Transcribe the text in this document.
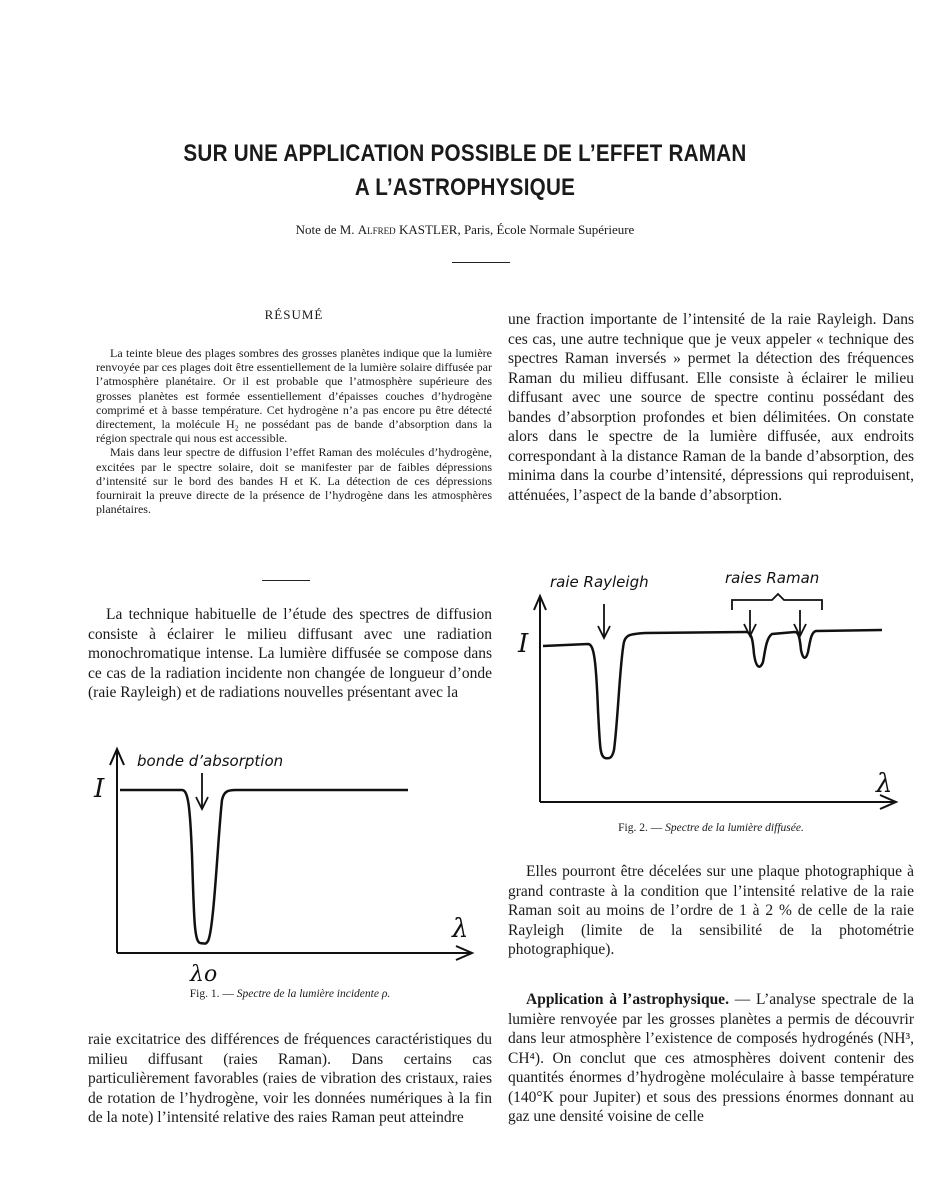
SUR UNE APPLICATION POSSIBLE DE L’EFFET RAMAN
A L’ASTROPHYSIQUE
Note de M. Alfred KASTLER, Paris, École Normale Supérieure
RÉSUMÉ

La teinte bleue des plages sombres des grosses planètes indique que la lumière renvoyée par ces plages doit être essentiellement de la lumière solaire diffusée par l’atmosphère planétaire. Or il est probable que l’atmosphère supérieure des grosses planètes est formée essentiellement d’épaisses couches d’hydrogène comprimé et à basse température. Cet hydrogène n’a pas encore pu être détecté directement, la molécule H₂ ne possédant pas de bande d’absorption dans la région spectrale qui nous est accessible.

Mais dans leur spectre de diffusion l’effet Raman des molécules d’hydrogène, excitées par le spectre solaire, doit se manifester par de faibles dépressions d’intensité sur le bord des bandes H et K. La détection de ces dépressions fournirait la preuve directe de la présence de l’hydrogène dans les atmosphères planétaires.

La technique habituelle de l’étude des spectres de diffusion consiste à éclairer le milieu diffusant avec une radiation monochromatique intense. La lumière diffusée se compose dans ce cas de la radiation incidente non changée de longueur d’onde (raie Rayleigh) et de radiations nouvelles présentant avec la

bonde d’absorption
I
λ
λo
Fig. 1. — Spectre de la lumière incidente ρ.

raie excitatrice des différences de fréquences caractéristiques du milieu diffusant (raies Raman). Dans certains cas particulièrement favorables (raies de vibration des cristaux, raies de rotation de l’hydrogène, voir les données numériques à la fin de la note) l’intensité relative des raies Raman peut atteindre

une fraction importante de l’intensité de la raie Rayleigh. Dans ces cas, une autre technique que je veux appeler « technique des spectres Raman inversés » permet la détection des fréquences Raman du milieu diffusant. Elle consiste à éclairer le milieu diffusant avec une source de spectre continu possédant des bandes d’absorption profondes et bien délimitées. On constate alors dans le spectre de la lumière diffusée, aux endroits correspondant à la distance Raman de la bande d’absorption, des minima dans la courbe d’intensité, dépressions qui reproduisent, atténuées, l’aspect de la bande d’absorption.

raie Rayleigh	raies Raman
I
λ
Fig. 2. — Spectre de la lumière diffusée.

Elles pourront être décelées sur une plaque photographique à grand contraste à la condition que l’intensité relative de la raie Raman soit au moins de l’ordre de 1 à 2 % de celle de la raie Rayleigh (limite de la sensibilité de la photométrie photographique).

Application à l’astrophysique. — L’analyse spectrale de la lumière renvoyée par les grosses planètes a permis de découvrir dans leur atmosphère l’existence de composés hydrogénés (NH³, CH⁴). On conclut que ces atmosphères doivent contenir des quantités énormes d’hydrogène moléculaire à basse température (140°K pour Jupiter) et sous des pressions énormes donnant au gaz une densité voisine de celle
